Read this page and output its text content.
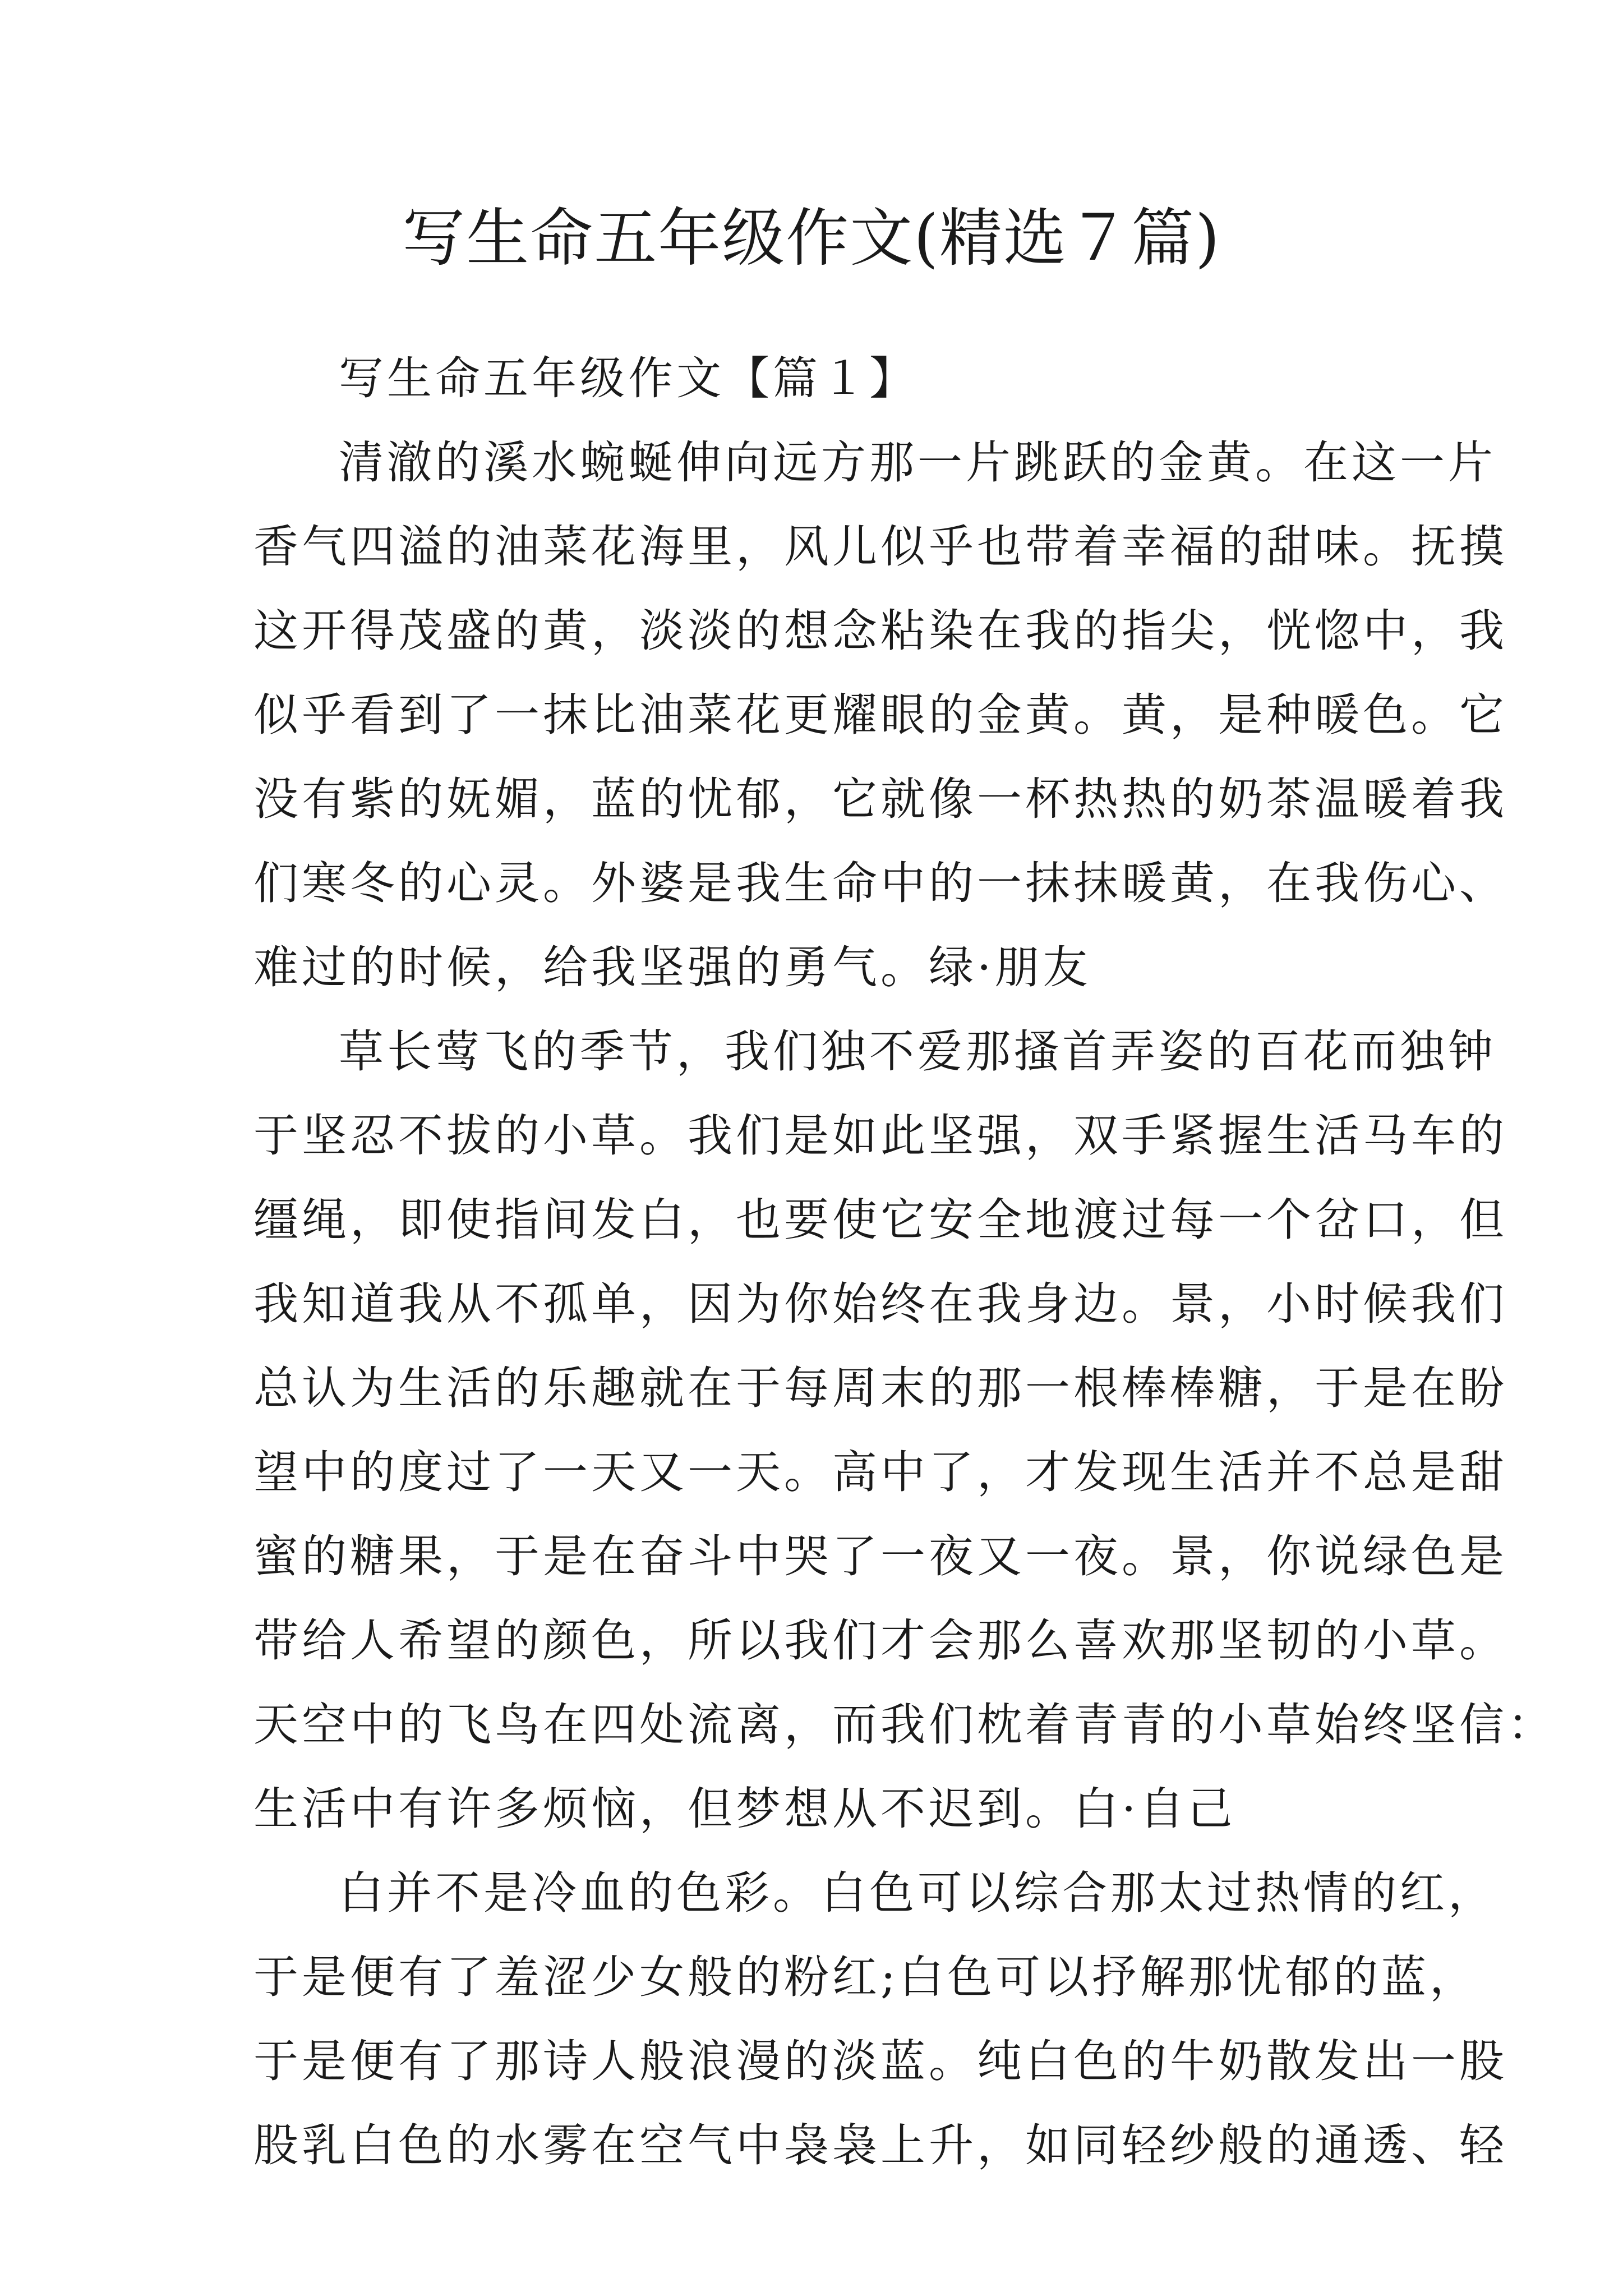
写生命五年级作文(精选７篇)
写生命五年级作文【篇１】
清澈的溪水蜿蜒伸向远方那一片跳跃的金黄。在这一片
香气四溢的油菜花海里，风儿似乎也带着幸福的甜味。抚摸
这开得茂盛的黄，淡淡的想念粘染在我的指尖，恍惚中，我
似乎看到了一抹比油菜花更耀眼的金黄。黄，是种暖色。它
没有紫的妩媚，蓝的忧郁，它就像一杯热热的奶茶温暖着我
们寒冬的心灵。外婆是我生命中的一抹抹暖黄，在我伤心、
难过的时候，给我坚强的勇气。绿·朋友
草长莺飞的季节，我们独不爱那搔首弄姿的百花而独钟
于坚忍不拔的小草。我们是如此坚强，双手紧握生活马车的
缰绳，即使指间发白，也要使它安全地渡过每一个岔口，但
我知道我从不孤单，因为你始终在我身边。景，小时候我们
总认为生活的乐趣就在于每周末的那一根棒棒糖，于是在盼
望中的度过了一天又一天。高中了，才发现生活并不总是甜
蜜的糖果，于是在奋斗中哭了一夜又一夜。景，你说绿色是
带给人希望的颜色，所以我们才会那么喜欢那坚韧的小草。
天空中的飞鸟在四处流离，而我们枕着青青的小草始终坚信：
生活中有许多烦恼，但梦想从不迟到。白·自己
白并不是冷血的色彩。白色可以综合那太过热情的红，
于是便有了羞涩少女般的粉红;白色可以抒解那忧郁的蓝，
于是便有了那诗人般浪漫的淡蓝。纯白色的牛奶散发出一股
股乳白色的水雾在空气中袅袅上升，如同轻纱般的通透、轻
